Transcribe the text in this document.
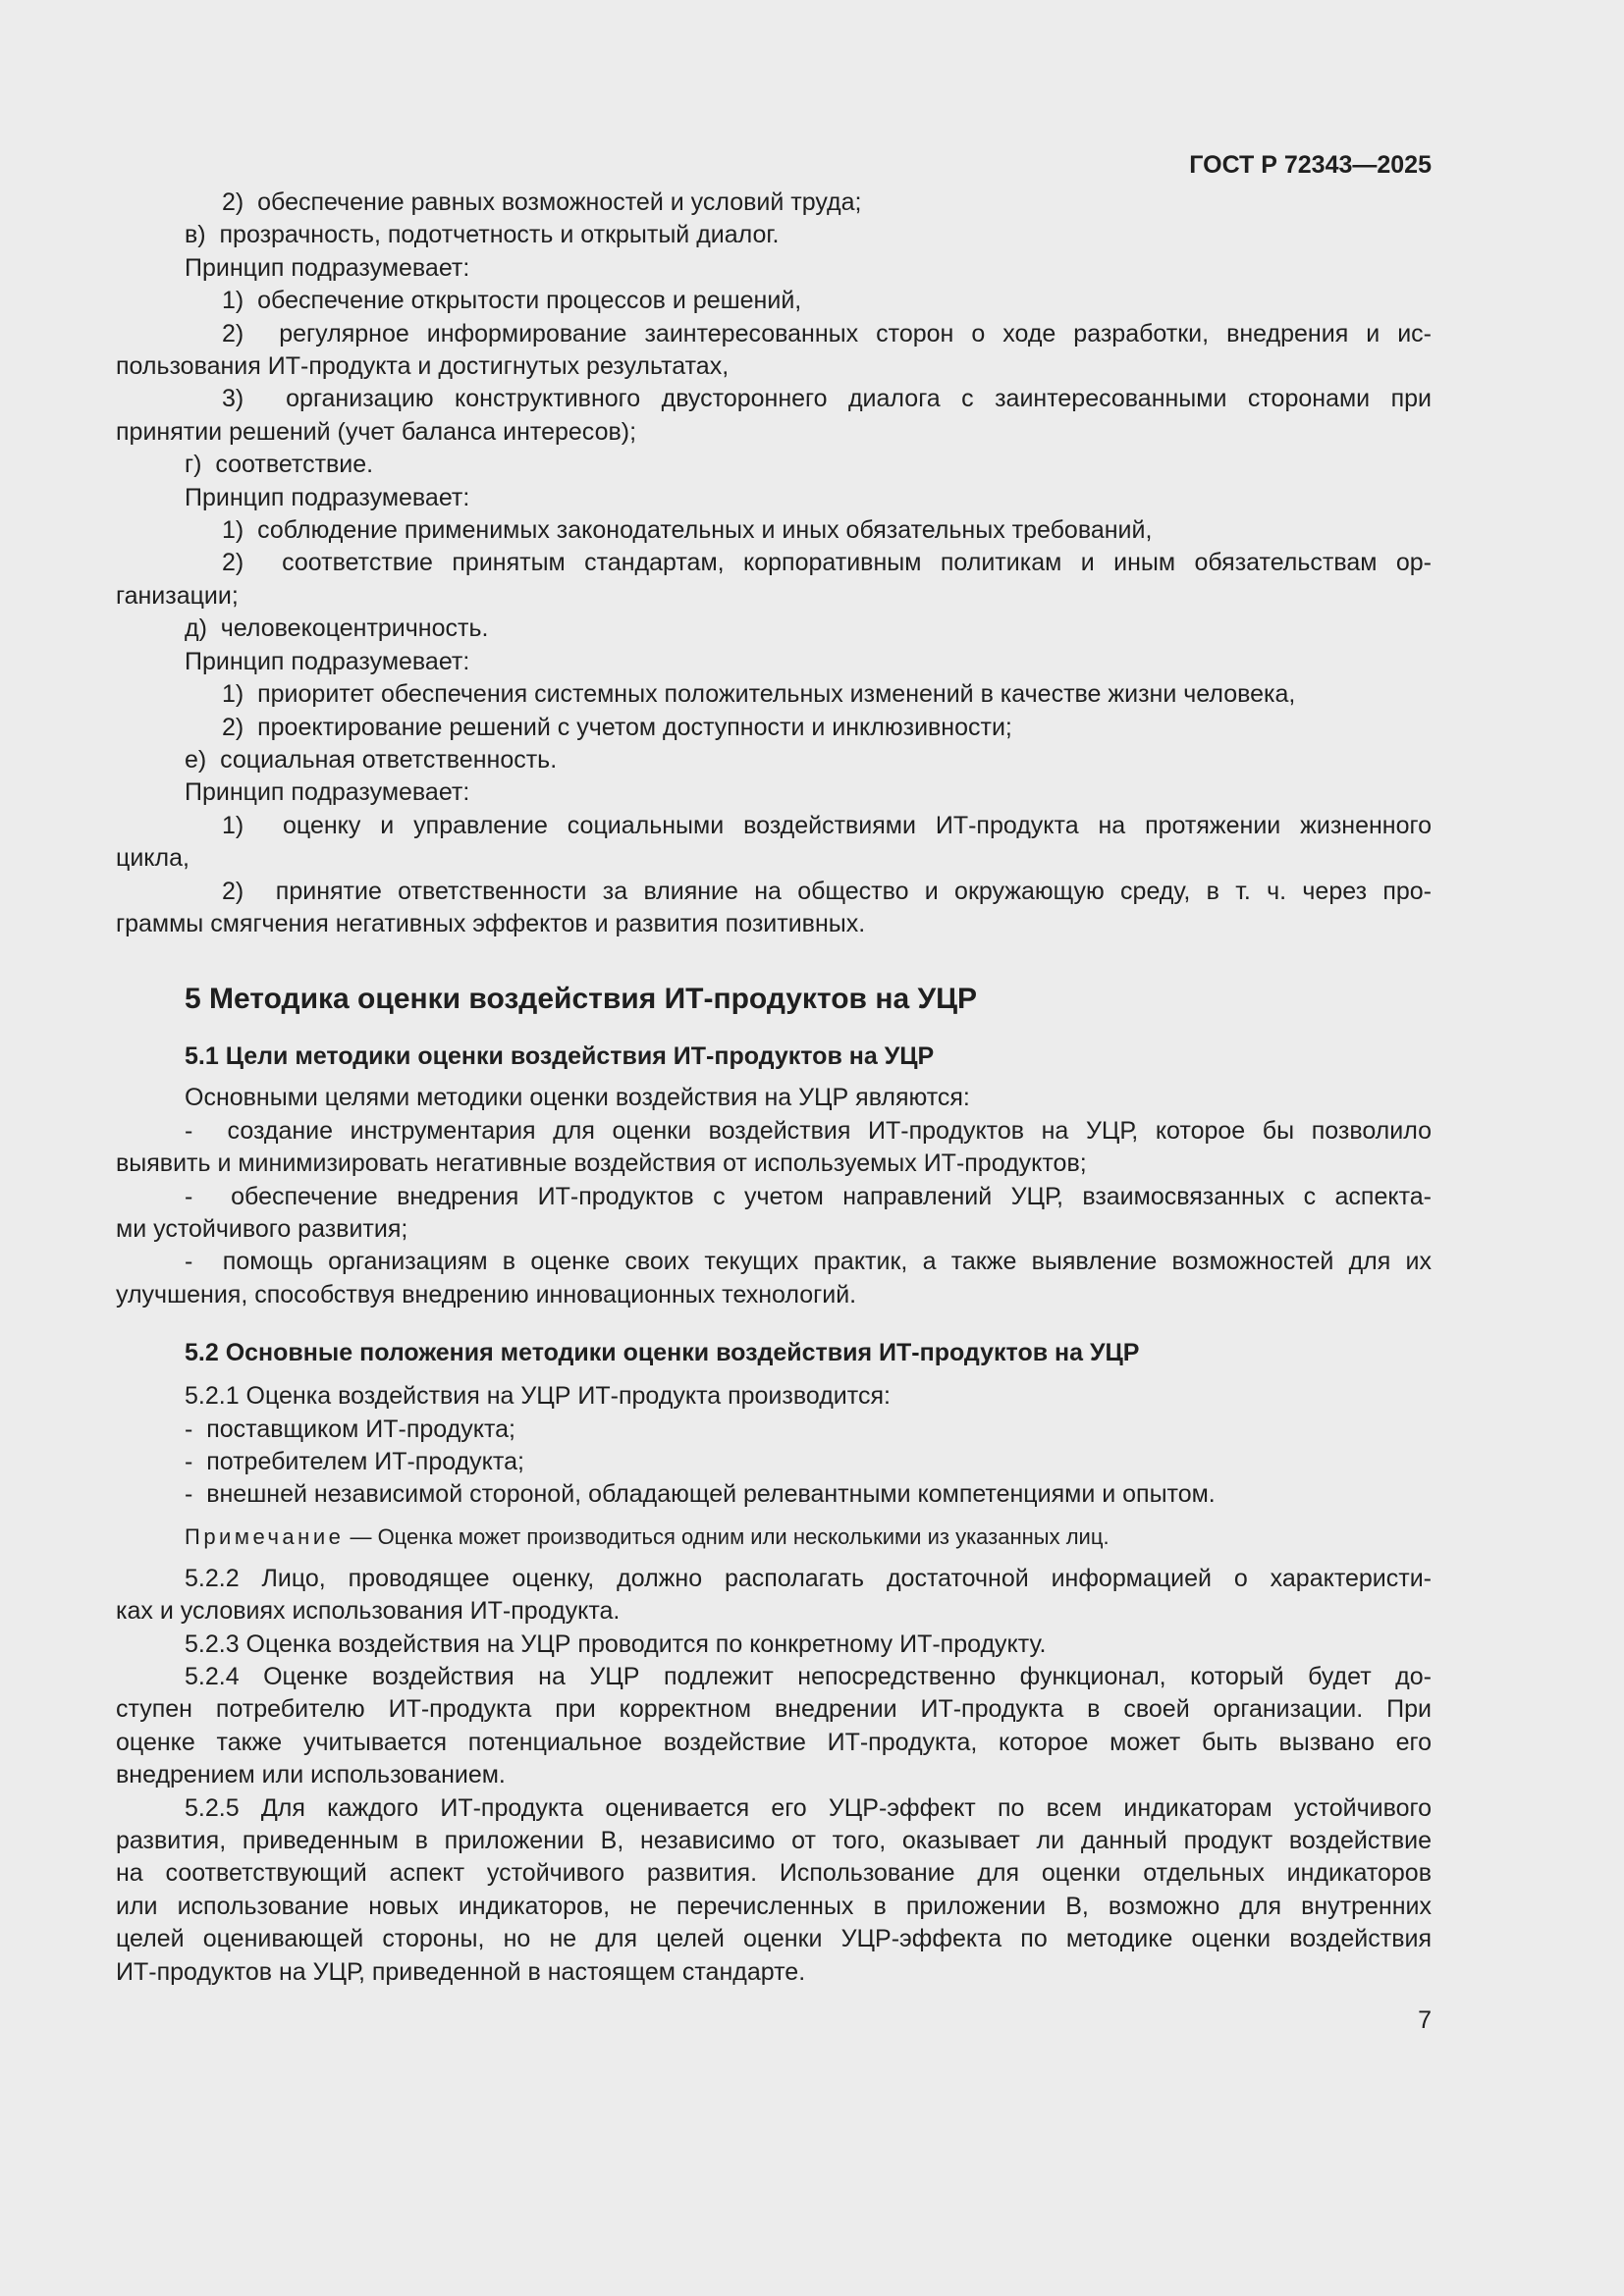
ГОСТ Р 72343—2025
2)  обеспечение равных возможностей и условий труда;
в)  прозрачность, подотчетность и открытый диалог.
Принцип подразумевает:
1)  обеспечение открытости процессов и решений,
2)  регулярное информирование заинтересованных сторон о ходе разработки, внедрения и ис-
пользования ИТ-продукта и достигнутых результатах,
3)  организацию конструктивного двустороннего диалога с заинтересованными сторонами при
принятии решений (учет баланса интересов);
г)  соответствие.
Принцип подразумевает:
1)  соблюдение применимых законодательных и иных обязательных требований,
2)  соответствие принятым стандартам, корпоративным политикам и иным обязательствам ор-
ганизации;
д)  человекоцентричность.
Принцип подразумевает:
1)  приоритет обеспечения системных положительных изменений в качестве жизни человека,
2)  проектирование решений с учетом доступности и инклюзивности;
е)  социальная ответственность.
Принцип подразумевает:
1)  оценку и управление социальными воздействиями ИТ-продукта на протяжении жизненного
цикла,
2)  принятие ответственности за влияние на общество и окружающую среду, в т. ч. через про-
граммы смягчения негативных эффектов и развития позитивных.
5 Методика оценки воздействия ИТ-продуктов на УЦР
5.1 Цели методики оценки воздействия ИТ-продуктов на УЦР
Основными целями методики оценки воздействия на УЦР являются:
-  создание инструментария для оценки воздействия ИТ-продуктов на УЦР, которое бы позволило
выявить и минимизировать негативные воздействия от используемых ИТ-продуктов;
-  обеспечение внедрения ИТ-продуктов с учетом направлений УЦР, взаимосвязанных с аспекта-
ми устойчивого развития;
-  помощь организациям в оценке своих текущих практик, а также выявление возможностей для их
улучшения, способствуя внедрению инновационных технологий.
5.2 Основные положения методики оценки воздействия ИТ-продуктов на УЦР
5.2.1 Оценка воздействия на УЦР ИТ-продукта производится:
-  поставщиком ИТ-продукта;
-  потребителем ИТ-продукта;
-  внешней независимой стороной, обладающей релевантными компетенциями и опытом.
Примечание — Оценка может производиться одним или несколькими из указанных лиц.
5.2.2 Лицо, проводящее оценку, должно располагать достаточной информацией о характеристи-
ках и условиях использования ИТ-продукта.
5.2.3 Оценка воздействия на УЦР проводится по конкретному ИТ-продукту.
5.2.4 Оценке воздействия на УЦР подлежит непосредственно функционал, который будет до-
ступен потребителю ИТ-продукта при корректном внедрении ИТ-продукта в своей организации. При
оценке также учитывается потенциальное воздействие ИТ-продукта, которое может быть вызвано его
внедрением или использованием.
5.2.5 Для каждого ИТ-продукта оценивается его УЦР-эффект по всем индикаторам устойчивого
развития, приведенным в приложении В, независимо от того, оказывает ли данный продукт воздействие
на соответствующий аспект устойчивого развития. Использование для оценки отдельных индикаторов
или использование новых индикаторов, не перечисленных в приложении В, возможно для внутренних
целей оценивающей стороны, но не для целей оценки УЦР-эффекта по методике оценки воздействия
ИТ-продуктов на УЦР, приведенной в настоящем стандарте.
7
